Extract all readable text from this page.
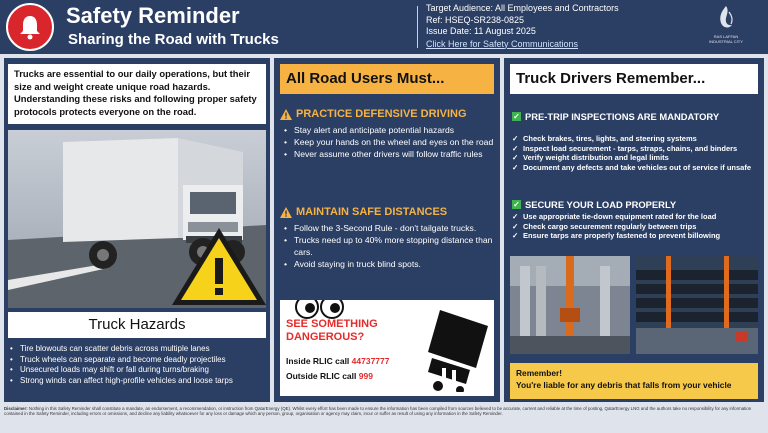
Safety Reminder
Sharing the Road with Trucks
Target Audience: All Employees and Contractors
Ref: HSEQ-SR238-0825
Issue Date: 11 August 2025
Click Here for Safety Communications
RAS LAFFAN INDUSTRIAL CITY
Trucks are essential to our daily operations, but their size and weight create unique road hazards. Understanding these risks and following proper safety protocols protects everyone on the road.
Truck Hazards
• Tire blowouts can scatter debris across multiple lanes
• Truck wheels can separate and become deadly projectiles
• Unsecured loads may shift or fall during turns/braking
• Strong winds can affect high-profile vehicles and loose tarps
All Road Users Must...
PRACTICE DEFENSIVE DRIVING
• Stay alert and anticipate potential hazards
• Keep your hands on the wheel and eyes on the road
• Never assume other drivers will follow traffic rules
MAINTAIN SAFE DISTANCES
• Follow the 3-Second Rule - don't tailgate trucks.
• Trucks need up to 40% more stopping distance than cars.
• Avoid staying in truck blind spots.
SEE SOMETHING DANGEROUS?
Inside RLIC call 44737777
Outside RLIC call 999
Truck Drivers Remember...
✓ PRE-TRIP INSPECTIONS ARE MANDATORY
✓ Check brakes, tires, lights, and steering systems
✓ Inspect load securement - tarps, straps, chains, and binders
✓ Verify weight distribution and legal limits
✓ Document any defects and take vehicles out of service if unsafe
✓ SECURE YOUR LOAD PROPERLY
✓ Use appropriate tie-down equipment rated for the load
✓ Check cargo securement regularly between trips
✓ Ensure tarps are properly fastened to prevent billowing
Remember!
You're liable for any debris that falls from your vehicle
Disclaimer: Nothing in this Safety Reminder shall constitute a mandate, an endorsement, a recommendation, or instruction from QatarEnergy (QE). Whilst every effort has been made to ensure the information has been compiled from sources believed to be accurate, current and reliable at the time of posting, QatarEnergy LNG and the authors take no responsibility for any information contained in the Safety Reminder, including errors or omissions, and decline any liability whatsoever for any loss or damage which any person, group, organisation or agency may claim, incur or suffer as result of using any information in the Safety Reminder.
